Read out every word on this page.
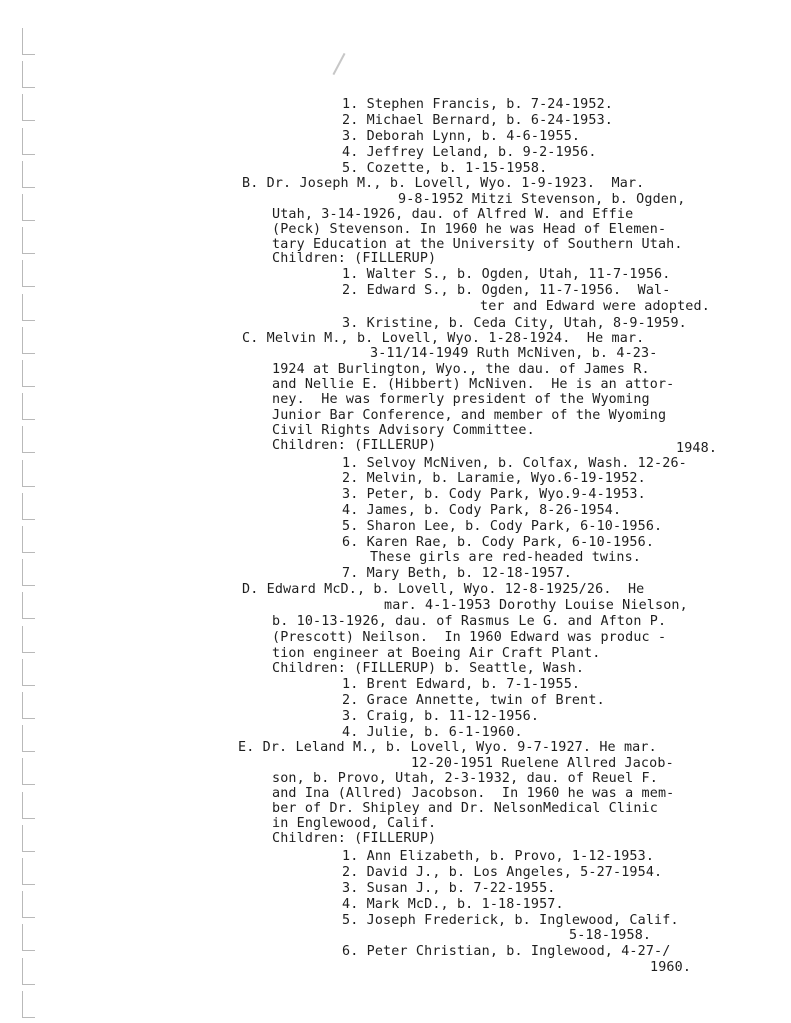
1. Stephen Francis, b. 7-24-1952.
2. Michael Bernard, b. 6-24-1953.
3. Deborah Lynn, b. 4-6-1955.
4. Jeffrey Leland, b. 9-2-1956.
5. Cozette, b. 1-15-1958.
B. Dr. Joseph M., b. Lovell, Wyo. 1-9-1923.  Mar.
9-8-1952 Mitzi Stevenson, b. Ogden,
Utah, 3-14-1926, dau. of Alfred W. and Effie
(Peck) Stevenson. In 1960 he was Head of Elemen-
tary Education at the University of Southern Utah.
Children: (FILLERUP)
1. Walter S., b. Ogden, Utah, 11-7-1956.
2. Edward S., b. Ogden, 11-7-1956.  Wal-
ter and Edward were adopted.
3. Kristine, b. Ceda City, Utah, 8-9-1959.
C. Melvin M., b. Lovell, Wyo. 1-28-1924.  He mar.
3-11/14-1949 Ruth McNiven, b. 4-23-
1924 at Burlington, Wyo., the dau. of James R.
and Nellie E. (Hibbert) McNiven.  He is an attor-
ney.  He was formerly president of the Wyoming
Junior Bar Conference, and member of the Wyoming
Civil Rights Advisory Committee.
Children: (FILLERUP)	1948.
1. Selvoy McNiven, b. Colfax, Wash. 12-26-
2. Melvin, b. Laramie, Wyo.6-19-1952.
3. Peter, b. Cody Park, Wyo.9-4-1953.
4. James, b. Cody Park, 8-26-1954.
5. Sharon Lee, b. Cody Park, 6-10-1956.
6. Karen Rae, b. Cody Park, 6-10-1956.
These girls are red-headed twins.
7. Mary Beth, b. 12-18-1957.
D. Edward McD., b. Lovell, Wyo. 12-8-1925/26.  He
mar. 4-1-1953 Dorothy Louise Nielson,
b. 10-13-1926, dau. of Rasmus Le G. and Afton P.
(Prescott) Neilson.  In 1960 Edward was produc -
tion engineer at Boeing Air Craft Plant.
Children: (FILLERUP) b. Seattle, Wash.
1. Brent Edward, b. 7-1-1955.
2. Grace Annette, twin of Brent.
3. Craig, b. 11-12-1956.
4. Julie, b. 6-1-1960.
E. Dr. Leland M., b. Lovell, Wyo. 9-7-1927. He mar.
12-20-1951 Ruelene Allred Jacob-
son, b. Provo, Utah, 2-3-1932, dau. of Reuel F.
and Ina (Allred) Jacobson.  In 1960 he was a mem-
ber of Dr. Shipley and Dr. NelsonMedical Clinic
in Englewood, Calif.
Children: (FILLERUP)
1. Ann Elizabeth, b. Provo, 1-12-1953.
2. David J., b. Los Angeles, 5-27-1954.
3. Susan J., b. 7-22-1955.
4. Mark McD., b. 1-18-1957.
5. Joseph Frederick, b. Inglewood, Calif.
5-18-1958.
6. Peter Christian, b. Inglewood, 4-27-/
1960.
